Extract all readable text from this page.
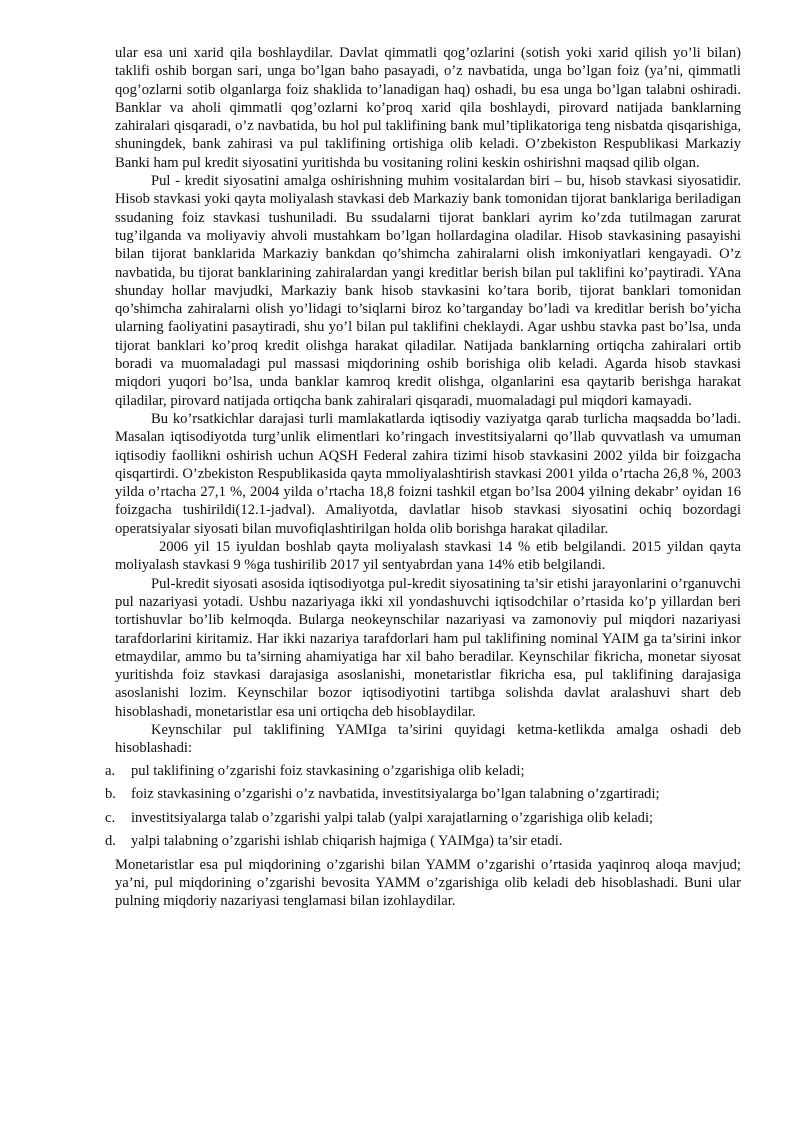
ular esa uni xarid qila boshlaydilar. Davlat qimmatli qog’ozlarini (sotish yoki xarid qilish yo’li bilan) taklifi oshib borgan sari, unga bo’lgan baho pasayadi, o’z navbatida, unga bo’lgan foiz (ya’ni, qimmatli qog’ozlarni sotib olganlarga foiz shaklida to’lanadigan haq) oshadi, bu esa unga bo’lgan talabni oshiradi. Banklar va aholi qimmatli qog’ozlarni ko’proq xarid qila boshlaydi, pirovard natijada banklarning zahiralari qisqaradi, o’z navbatida, bu hol pul taklifining bank mul’tiplikatoriga teng nisbatda qisqarishiga, shuningdek, bank zahirasi va pul taklifining ortishiga olib keladi. O’zbekiston Respublikasi Markaziy Banki ham pul kredit siyosatini yuritishda bu vositaning rolini keskin oshirishni maqsad qilib olgan.

Pul - kredit siyosatini amalga oshirishning muhim vositalardan biri – bu, hisob stavkasi siyosatidir. Hisob stavkasi yoki qayta moliyalash stavkasi deb Markaziy bank tomonidan tijorat banklariga beriladigan ssudaning foiz stavkasi tushuniladi. Bu ssudalarni tijorat banklari ayrim ko’zda tutilmagan zarurat tug’ilganda va moliyaviy ahvoli mustahkam bo’lgan hollardagina oladilar. Hisob stavkasining pasayishi bilan tijorat banklarida Markaziy bankdan qo’shimcha zahiralarni olish imkoniyatlari kengayadi. O’z navbatida, bu tijorat banklarining zahiralardan yangi kreditlar berish bilan pul taklifini ko’paytiradi. YAna shunday hollar mavjudki, Markaziy bank hisob stavkasini ko’tara borib, tijorat banklari tomonidan qo’shimcha zahiralarni olish yo’lidagi to’siqlarni biroz ko’targanday bo’ladi va kreditlar berish bo’yicha ularning faoliyatini pasaytiradi, shu yo’l bilan pul taklifini cheklaydi. Agar ushbu stavka past bo’lsa, unda tijorat banklari ko’proq kredit olishga harakat qiladilar. Natijada banklarning ortiqcha zahiralari ortib boradi va muomaladagi pul massasi miqdorining oshib borishiga olib keladi. Agarda hisob stavkasi miqdori yuqori bo’lsa, unda banklar kamroq kredit olishga, olganlarini esa qaytarib berishga harakat qiladilar, pirovard natijada ortiqcha bank zahiralari qisqaradi, muomaladagi pul miqdori kamayadi.

Bu ko’rsatkichlar darajasi turli mamlakatlarda iqtisodiy vaziyatga qarab turlicha maqsadda bo’ladi. Masalan iqtisodiyotda turg’unlik elimentlari ko’ringach investitsiyalarni qo’llab quvvatlash va umuman iqtisodiy faollikni oshirish uchun AQSH Federal zahira tizimi hisob stavkasini 2002 yilda bir foizgacha qisqartirdi. O’zbekiston Respublikasida qayta mmoliyalashtirish stavkasi 2001 yilda o’rtacha 26,8 %, 2003 yilda o’rtacha 27,1 %, 2004 yilda o’rtacha 18,8 foizni tashkil etgan bo’lsa 2004 yilning dekabr’ oyidan 16 foizgacha tushirildi(12.1-jadval). Amaliyotda, davlatlar hisob stavkasi siyosatini ochiq bozordagi operatsiyalar siyosati bilan muvofiqlashtirilgan holda olib borishga harakat qiladilar.

2006 yil 15 iyuldan boshlab qayta moliyalash stavkasi 14 % etib belgilandi. 2015 yildan qayta moliyalash stavkasi 9 %ga tushirilib 2017 yil sentyabrdan yana 14% etib belgilandi.

Pul-kredit siyosati asosida iqtisodiyotga pul-kredit siyosatining ta’sir etishi jarayonlarini o’rganuvchi pul nazariyasi yotadi. Ushbu nazariyaga ikki xil yondashuvchi iqtisodchilar o’rtasida ko’p yillardan beri tortishuvlar bo’lib kelmoqda. Bularga neokeynschilar nazariyasi va zamonoviy pul miqdori nazariyasi tarafdorlarini kiritamiz. Har ikki nazariya tarafdorlari ham pul taklifining nominal YAIM ga ta’sirini inkor etmaydilar, ammo bu ta’sirning ahamiyatiga har xil baho beradilar. Keynschilar fikricha, monetar siyosat yuritishda foiz stavkasi darajasiga asoslanishi, monetaristlar fikricha esa, pul taklifining darajasiga asoslanishi lozim. Keynschilar bozor iqtisodiyotini tartibga solishda davlat aralashuvi shart deb hisoblashadi, monetaristlar esa uni ortiqcha deb hisoblaydilar.

Keynschilar pul taklifining YAMIga ta’sirini quyidagi ketma-ketlikda amalga oshadi deb hisoblashadi:

a. pul taklifining o’zgarishi foiz stavkasining o’zgarishiga olib keladi;
b. foiz stavkasining o’zgarishi o’z navbatida, investitsiyalarga bo’lgan talabning o’zgartiradi;
c. investitsiyalarga talab o’zgarishi yalpi talab (yalpi xarajatlarning o’zgarishiga olib keladi;
d. yalpi talabning o’zgarishi ishlab chiqarish hajmiga ( YAIMga) ta’sir etadi.

Monetaristlar esa pul miqdorining o’zgarishi bilan YAMM o’zgarishi o’rtasida yaqinroq aloqa mavjud; ya’ni, pul miqdorining o’zgarishi bevosita YAMM o’zgarishiga olib keladi deb hisoblashadi. Buni ular pulning miqdoriy nazariyasi tenglamasi bilan izohlaydilar.
